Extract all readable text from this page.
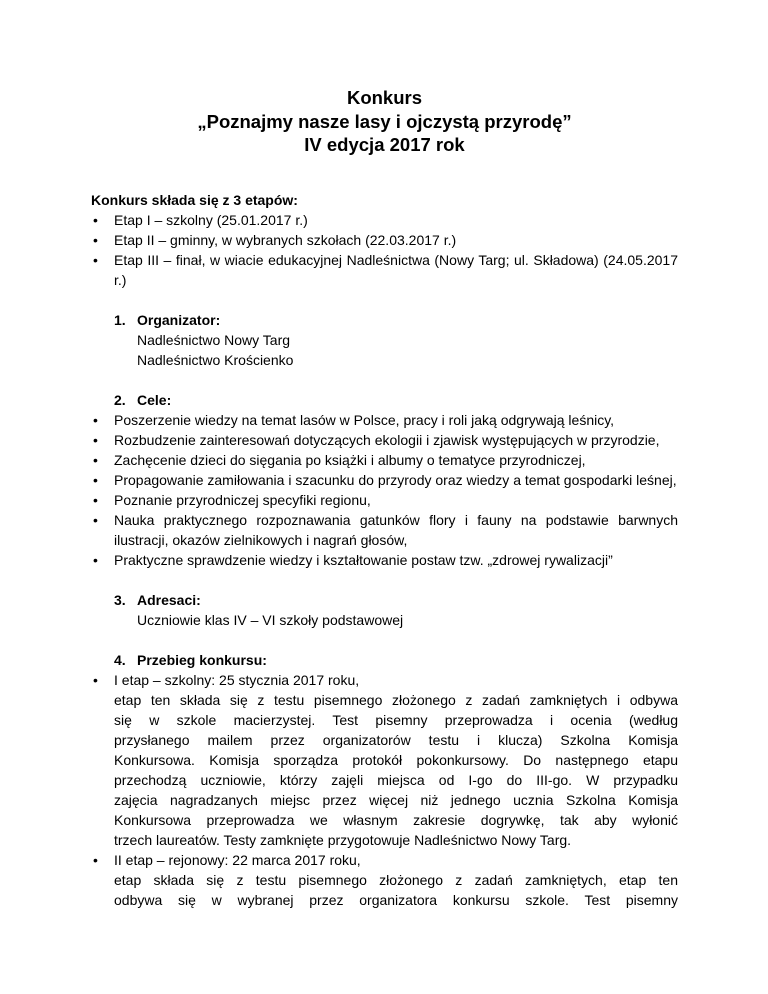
Konkurs
„Poznajmy nasze lasy i ojczystą przyrodę”
IV edycja 2017 rok
Konkurs składa się z 3 etapów:
• Etap I – szkolny (25.01.2017 r.)
• Etap II – gminny, w wybranych szkołach (22.03.2017 r.)
• Etap III – finał, w wiacie edukacyjnej Nadleśnictwa (Nowy Targ; ul. Składowa) (24.05.2017 r.)
1. Organizator:
Nadleśnictwo Nowy Targ
Nadleśnictwo Krościenko
2. Cele:
• Poszerzenie wiedzy na temat lasów w Polsce, pracy i roli jaką odgrywają leśnicy,
• Rozbudzenie zainteresowań dotyczących ekologii i zjawisk występujących w przyrodzie,
• Zachęcenie dzieci do sięgania po książki i albumy o tematyce przyrodniczej,
• Propagowanie zamiłowania i szacunku do przyrody oraz wiedzy a temat gospodarki leśnej,
• Poznanie przyrodniczej specyfiki regionu,
• Nauka praktycznego rozpoznawania gatunków flory i fauny na podstawie barwnych ilustracji, okazów zielnikowych i nagrań głosów,
• Praktyczne sprawdzenie wiedzy i kształtowanie postaw tzw. „zdrowej rywalizacji”
3. Adresaci:
Uczniowie klas IV – VI szkoły podstawowej
4. Przebieg konkursu:
• I etap – szkolny: 25 stycznia 2017 roku,
etap ten składa się z testu pisemnego złożonego z zadań zamkniętych i odbywa
się w szkole macierzystej. Test pisemny przeprowadza i ocenia (według
przysłanego mailem przez organizatorów testu i klucza) Szkolna Komisja
Konkursowa. Komisja sporządza protokół pokonkursowy. Do następnego etapu
przechodzą uczniowie, którzy zajęli miejsca od I-go do III-go. W przypadku
zajęcia nagradzanych miejsc przez więcej niż jednego ucznia Szkolna Komisja
Konkursowa przeprowadza we własnym zakresie dogrywkę, tak aby wyłonić
trzech laureatów. Testy zamknięte przygotowuje Nadleśnictwo Nowy Targ.
• II etap – rejonowy: 22 marca 2017 roku,
etap składa się z testu pisemnego złożonego z zadań zamkniętych, etap ten
odbywa się w wybranej przez organizatora konkursu szkole. Test pisemny
